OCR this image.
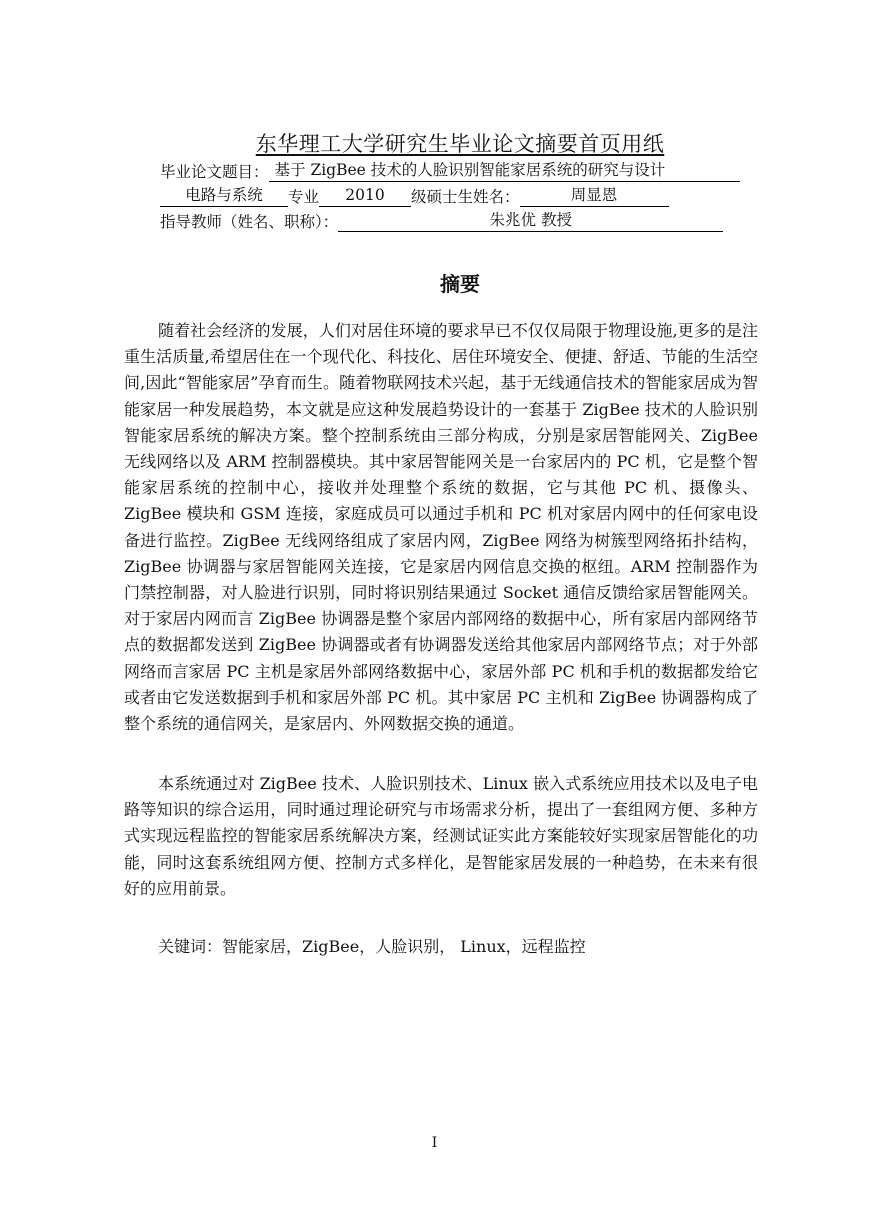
东华理工大学研究生毕业论文摘要首页用纸
毕业论文题目： 基于 ZigBee 技术的人脸识别智能家居系统的研究与设计
电路与系统 专业 2010 级硕士生姓名：	周显恩
指导教师（姓名、职称）：	朱兆优 教授
摘要

随着社会经济的发展，人们对居住环境的要求早已不仅仅局限于物理设施,更多的是注重生活质量,希望居住在一个现代化、科技化、居住环境安全、便捷、舒适、节能的生活空间,因此“智能家居”孕育而生。随着物联网技术兴起，基于无线通信技术的智能家居成为智能家居一种发展趋势，本文就是应这种发展趋势设计的一套基于 ZigBee 技术的人脸识别智能家居系统的解决方案。整个控制系统由三部分构成，分别是家居智能网关、ZigBee 无线网络以及 ARM 控制器模块。其中家居智能网关是一台家居内的 PC 机，它是整个智能家居系统的控制中心，接收并处理整个系统的数据，它与其他 PC 机、摄像头、ZigBee 模块和 GSM 连接，家庭成员可以通过手机和 PC 机对家居内网中的任何家电设备进行监控。ZigBee 无线网络组成了家居内网，ZigBee 网络为树簇型网络拓扑结构，ZigBee 协调器与家居智能网关连接，它是家居内网信息交换的枢纽。ARM 控制器作为门禁控制器，对人脸进行识别，同时将识别结果通过 Socket 通信反馈给家居智能网关。对于家居内网而言 ZigBee 协调器是整个家居内部网络的数据中心，所有家居内部网络节点的数据都发送到 ZigBee 协调器或者有协调器发送给其他家居内部网络节点；对于外部网络而言家居 PC 主机是家居外部网络数据中心，家居外部 PC 机和手机的数据都发给它或者由它发送数据到手机和家居外部 PC 机。其中家居 PC 主机和 ZigBee 协调器构成了整个系统的通信网关，是家居内、外网数据交换的通道。

本系统通过对 ZigBee 技术、人脸识别技术、Linux 嵌入式系统应用技术以及电子电路等知识的综合运用，同时通过理论研究与市场需求分析，提出了一套组网方便、多种方式实现远程监控的智能家居系统解决方案，经测试证实此方案能较好实现家居智能化的功能，同时这套系统组网方便、控制方式多样化，是智能家居发展的一种趋势，在未来有很好的应用前景。

关键词：智能家居，ZigBee，人脸识别， Linux，远程监控
I
